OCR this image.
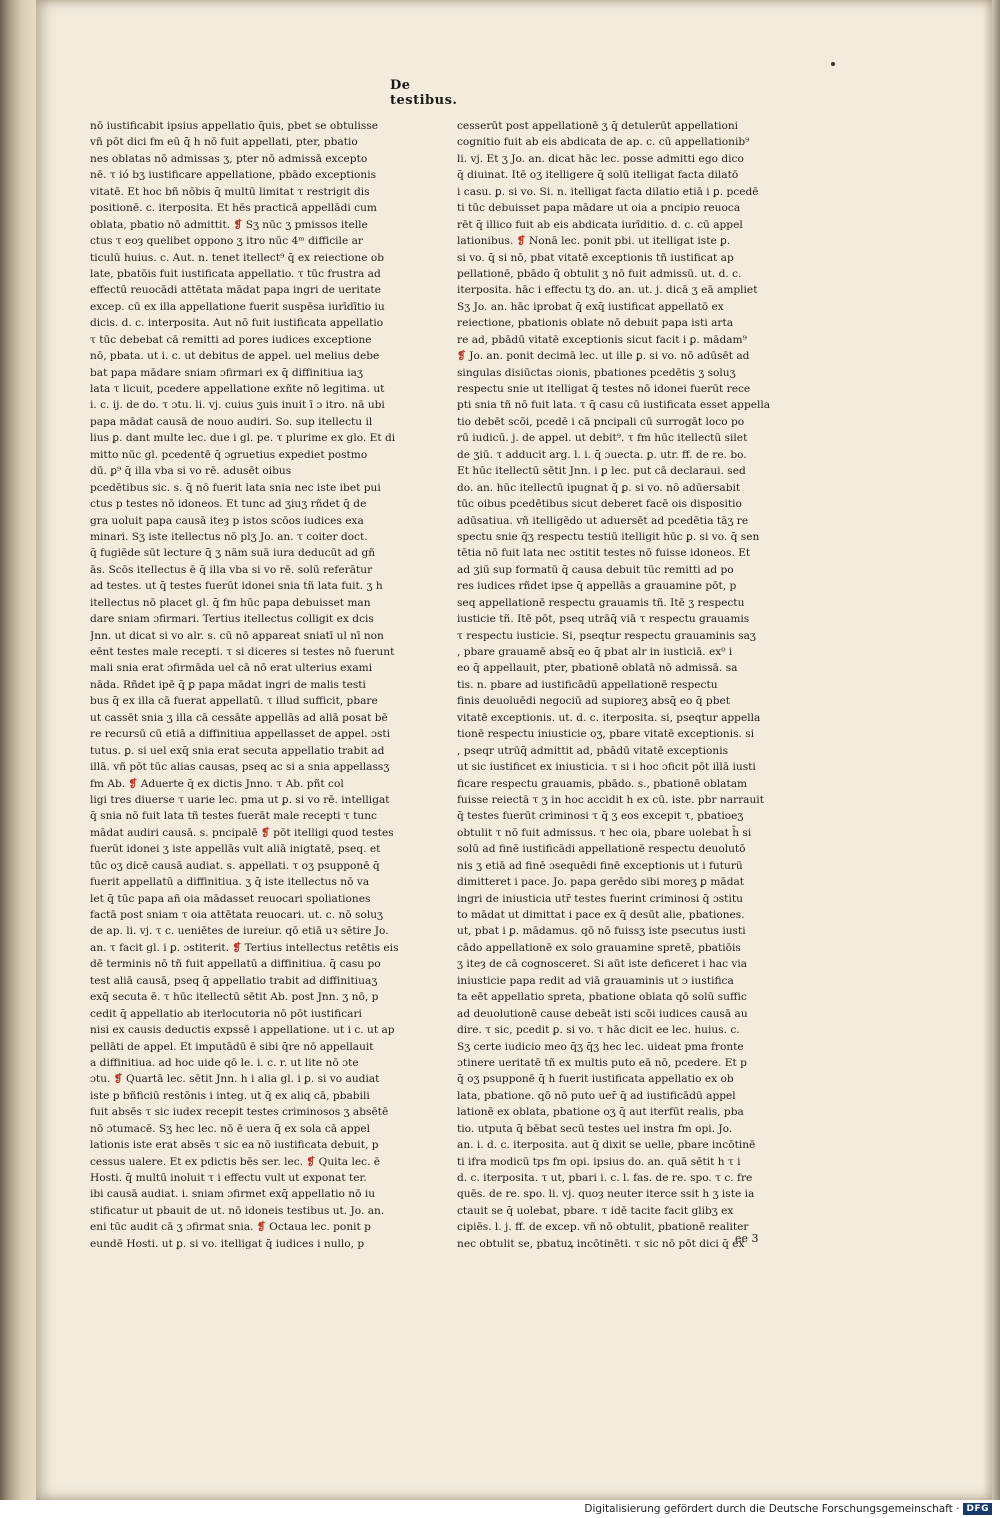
De testibus.
nō iustificabit ipsius appellatio q̄uis, pbet se obtulisse
vñ pōt dici fm eū q̄ h nō fuit appellati, pter, pbatio
nes oblatas nō admissas ʒ, pter nō admissā excepto
nē. τ ió bʒ iustificare appellatione, pbādo exceptionis
vitatē. Et hoc bñ nōbis q̄ multū limitat τ restrigit dis
positionē. c. iterposita. Et hēs practicā appellādi cum
oblata, pbatio nō admittit. ❡ Sʒ nūc ʒ pmissos itelle
ctus τ eoȝ quelibet oppono ʒ itro nūc 4ᵐ difficile ar
ticulū huius. c. Aut. n. tenet itellect⁹ q̄ ex reiectione ob
late, pbatōis fuit iustificata appellatio. τ tūc frustra ad
effectū reuocādi attētata mādat papa ingri de ueritate
excep. cū ex illa appellatione fuerit suspēsa iurīdītio iu
dicis. d. c. interposita. Aut nō fuit iustificata appellatio
τ tūc debebat cā remitti ad pores iudices exceptione
nō, pbata. ut i. c. ut debitus de appel. uel melius debe
bat papa mādare sniam ɔfirmari ex q̄ diffinitiua iaʒ
lata τ licuit, pcedere appellatione exñte nō legitima. ut
i. c. ij. de do. τ ɔtu. li. vj. cuius ʒuis inuit ī ɔ itro. nā ubi
papa mādat causā de nouo audiri. So. sup itellectu il
lius ꝑ. dant multe lec. due i gl. pe. τ plurime ex glo. Et di
mitto nūc gl. pcedentē q̄ ɔgruetius expediet postmo
dū. ꝑ⁹ q̄ illa vba si vo rē. adusēt oibus
pcedētibus sic. s. q̄ nō fuerit lata snia nec iste ibet pui
ctus p testes nō idoneos. Et tunc ad ʒiuʒ rñdet q̄ de
gra uoluit papa causā iteȝ p istos scōos iudices exa
minari. Sʒ iste itellectus nō plʒ Jo. an. τ coiter doct.
q̄ fugiēde sūt lecture q̄ ʒ nām suā iura deducūt ad gñ
ās. Scōs itellectus ē q̄ illa vba si vo rē. solū referātur
ad testes. ut q̄ testes fuerūt idonei snia tñ lata fuit. ʒ h
itellectus nō placet gl. q̄ fm hūc papa debuisset man
dare sniam ɔfirmari. Tertius itellectus colligit ex dcis
Jnn. ut dicat si vo alr. s. cū nō appareat sniatī ul nī non
eēnt testes male recepti. τ si diceres si testes nō fuerunt
mali snia erat ɔfirmāda uel cā nō erat ulterius exami
nāda. Rñdet ipē q̄ ꝑ papa mādat ingri de malis testi
bus q̄ ex illa cā fuerat appellatū. τ illud sufficit, pbare
ut cassēt snia ʒ illa cā cessāte appellās ad aliā posat bē
re recursū cū etiā a diffinitiua appellasset de appel. ɔsti
tutus. ꝑ. si uel exq̄ snia erat secuta appellatio trabit ad
illā. vñ pōt tūc alias causas, pseq ac si a snia appellassʒ
fm Ab. ❡ Aduerte q̄ ex dictis Jnno. τ Ab. pñt col
ligi tres diuerse τ uarie lec. pma ut ꝑ. si vo rē. intelligat
q̄ snia nō fuit lata tñ testes fuerāt male recepti τ tunc
mādat audiri causā. s. pncipalē ❡ pōt itelligi quod testes
fuerūt idonei ʒ iste appellās vult aliā inigtatē, pseq. et
tūc oʒ dicē causā audiat. s. appellati. τ oʒ psupponē q̄
fuerit appellatū a diffinitiua. ʒ q̄ iste itellectus nō va
let q̄ tūc papa añ oia mādasset reuocari spoliationes
factā post sniam τ oia attētata reuocari. ut. c. nō soluʒ
de ap. li. vj. τ c. ueniētes de iureiur. qō etiā uꝛ sētire Jo.
an. τ facit gl. i ꝑ. ɔstiterit. ❡ Tertius intellectus retētis eis
dē terminis nō tñ fuit appellatū a diffinitiua. q̄ casu po
test aliā causā, pseq q̄ appellatio trabit ad diffinitiuaʒ
exq̄ secuta ē. τ hūc itellectū sētit Ab. post Jnn. ʒ nō, p
cedit q̄ appellatio ab iterlocutoria nō pōt iustificari
nisi ex causis deductis expssē i appellatione. ut i c. ut ap
pellāti de appel. Et imputādū ē sibi q̄re nō appellauit
a diffinitiua. ad hoc uide qō le. i. c. r. ut lite nō ɔte
ɔtu. ❡ Quartā lec. sētit Jnn. h i alia gl. i ꝑ. si vo audiat
iste p bñficiū restōnis i integ. ut q̄ ex aliq cā, pbabili
fuit absēs τ sic iudex recepit testes criminosos ʒ absētē
nō ɔtumacē. Sʒ hec lec. nō ē uera q̄ ex sola cā appel
lationis iste erat absēs τ sic ea nō iustificata debuit, p
cessus ualere. Et ex pdictis bēs ser. lec. ❡ Quita lec. ē
Hosti. q̄ multū inoluit τ i effectu vult ut exponat ter.
ibi causā audiat. i. sniam ɔfirmet exq̄ appellatio nō iu
stificatur ut pbauit de ut. nō idoneis testibus ut. Jo. an.
eni tūc audit cā ʒ ɔfirmat snia. ❡ Octaua lec. ponit p
eundē Hosti. ut ꝑ. si vo. itelligat q̄ iudices i nullo, p
cesserūt post appellationē ʒ q̄ detulerūt appellationi
cognitio fuit ab eis abdicata de ap. c. cū appellationib⁹
li. vj. Et ʒ Jo. an. dicat hāc lec. posse admitti ego dico
q̄ diuinat. Itē oʒ itelligere q̄ solū itelligat facta dilatō
i casu. ꝑ. si vo. Si. n. itelligat facta dilatio etiā i ꝑ. pcedē
ti tūc debuisset papa mādare ut oia a pncipio reuoca
rēt q̄ illico fuit ab eis abdicata iurīditio. d. c. cū appel
lationibus. ❡ Nonā lec. ponit pbi. ut itelligat iste ꝑ.
si vo. q̄ si nō, pbat vitatē exceptionis tñ iustificat ap
pellationē, pbādo q̄ obtulit ʒ nō fuit admissū. ut. d. c.
iterposita. hāc i effectu tʒ do. an. ut. j. dicā ʒ eā ampliet
Sʒ Jo. an. hāc iprobat q̄ exq̄ iustificat appellatō ex
reiectione, pbationis oblate nō debuit papa isti arta
re ad, pbādū vitatē exceptionis sicut facit i ꝑ. mādam⁹
❡ Jo. an. ponit decimā lec. ut ille ꝑ. si vo. nō adūsēt ad
singulas disiūctas ɔionis, pbationes pcedētis ʒ soluʒ
respectu snie ut itelligat q̄ testes nō idonei fuerūt rece
pti snia tñ nō fuit lata. τ q̄ casu cū iustificata esset appella
tio debēt scōi, pcedē i cā pncipali cū surrogāt loco po
rū iudicū. j. de appel. ut debit⁹. τ fm hūc itellectū silet
de ʒiū. τ adducit arg. l. i. q̄ ɔuecta. ꝑ. utr. ff. de re. bo.
Et hūc itellectū sētit Jnn. i ꝑ lec. put cā declaraui. sed
do. an. hūc itellectū ipugnat q̄ ꝑ. si vo. nō adūersabit
tūc oibus pcedētibus sicut deberet facē ois dispositio
adūsatiua. vñ itelligēdo ut aduersēt ad pcedētia tāʒ re
spectu snie q̄ʒ respectu testiū itelligit hūc ꝑ. si vo. q̄ sen
tētia nō fuit lata nec ɔstitit testes nō fuisse idoneos. Et
ad ʒiū sup formatū q̄ causa debuit tūc remitti ad po
res iudices rñdet ipse q̄ appellās a grauamine pōt, p
seq appellationē respectu grauamis tñ. Itē ʒ respectu
iusticie tñ. Itē pōt, pseq utrāq̄ viā τ respectu grauamis
τ respectu iusticie. Si, pseqtur respectu grauaminis saʒ
, pbare grauamē absq̄ eo q̄ pbat alr in iusticiā. ex⁰ i
eo q̄ appellauit, pter, pbationē oblatā nō admissā. sa
tis. n. pbare ad iustificādū appellationē respectu
finis deuoluēdi negociū ad supioreʒ absq̄ eo q̄ pbet
vitatē exceptionis. ut. d. c. iterposita. si, pseqtur appella
tionē respectu iniusticie oʒ, pbare vitatē exceptionis. si
, pseqr utrūq̄ admittit ad, pbādū vitatē exceptionis
ut sic iustificet ex iniusticia. τ si i hoc ɔficit pōt illā iusti
ficare respectu grauamis, pbādo. s., pbationē oblatam
fuisse reiectā τ ʒ in hoc accidit h ex cū. iste. pbr narrauit
q̄ testes fuerūt criminosi τ q̄ ʒ eos excepit τ, pbatioeʒ
obtulit τ nō fuit admissus. τ hec oia, pbare uolebat h̄ si
solū ad finē iustificādi appellationē respectu deuolutō
nis ʒ etiā ad finē ɔsequēdi finē exceptionis ut i futurū
dimitteret i pace. Jo. papa gerēdo sibi moreʒ ꝑ mādat
ingri de iniusticia utr̄ testes fuerint criminosi q̄ ɔstitu
to mādat ut dimittat i pace ex q̄ desūt alie, pbationes.
ut, pbat i ꝑ. mādamus. qō nō fuissʒ iste psecutus iusti
cādo appellationē ex solo grauamine spretē, pbatiōis
ʒ iteȝ de cā cognosceret. Si aūt iste deficeret i hac via
iniusticie papa redit ad viā grauaminis ut ɔ iustifica
ta eēt appellatio spreta, pbatione oblata qō solū suffic
ad deuolutionē cause debeāt isti scōi iudices causā au
dire. τ sic, pcedit ꝑ. si vo. τ hāc dicit ee lec. huius. c.
Sʒ certe iudicio meo q̄ʒ q̄ʒ hec lec. uideat pma fronte
ɔtinere ueritatē tñ ex multis puto eā nō, pcedere. Et p
q̄ oʒ psupponē q̄ h fuerit iustificata appellatio ex ob
lata, pbatione. qō nō puto uer̄ q̄ ad iustificādū appel
lationē ex oblata, pbatione oʒ q̄ aut iterfūt realis, pba
tio. utputa q̄ bēbat secū testes uel instra fm opi. Jo.
an. i. d. c. iterposita. aut q̄ dixit se uelle, pbare incōtinē
ti ifra modicū tps fm opi. ipsius do. an. quā sētit h τ i
d. c. iterposita. τ ut, pbari i. c. l. fas. de re. spo. τ c. fre
quēs. de re. spo. li. vj. quoȝ neuter iterce ssit h ʒ iste ia
ctauit se q̄ uolebat, pbare. τ idē tacite facit glibʒ ex
cipiēs. l. j. ff. de excep. vñ nō obtulit, pbationē realiter
nec obtulit se, pbatuꝝ incōtinēti. τ sic nō pōt dici q̄ ex
ee 3
Digitalisierung gefördert durch die Deutsche Forschungsgemeinschaft · DFG
